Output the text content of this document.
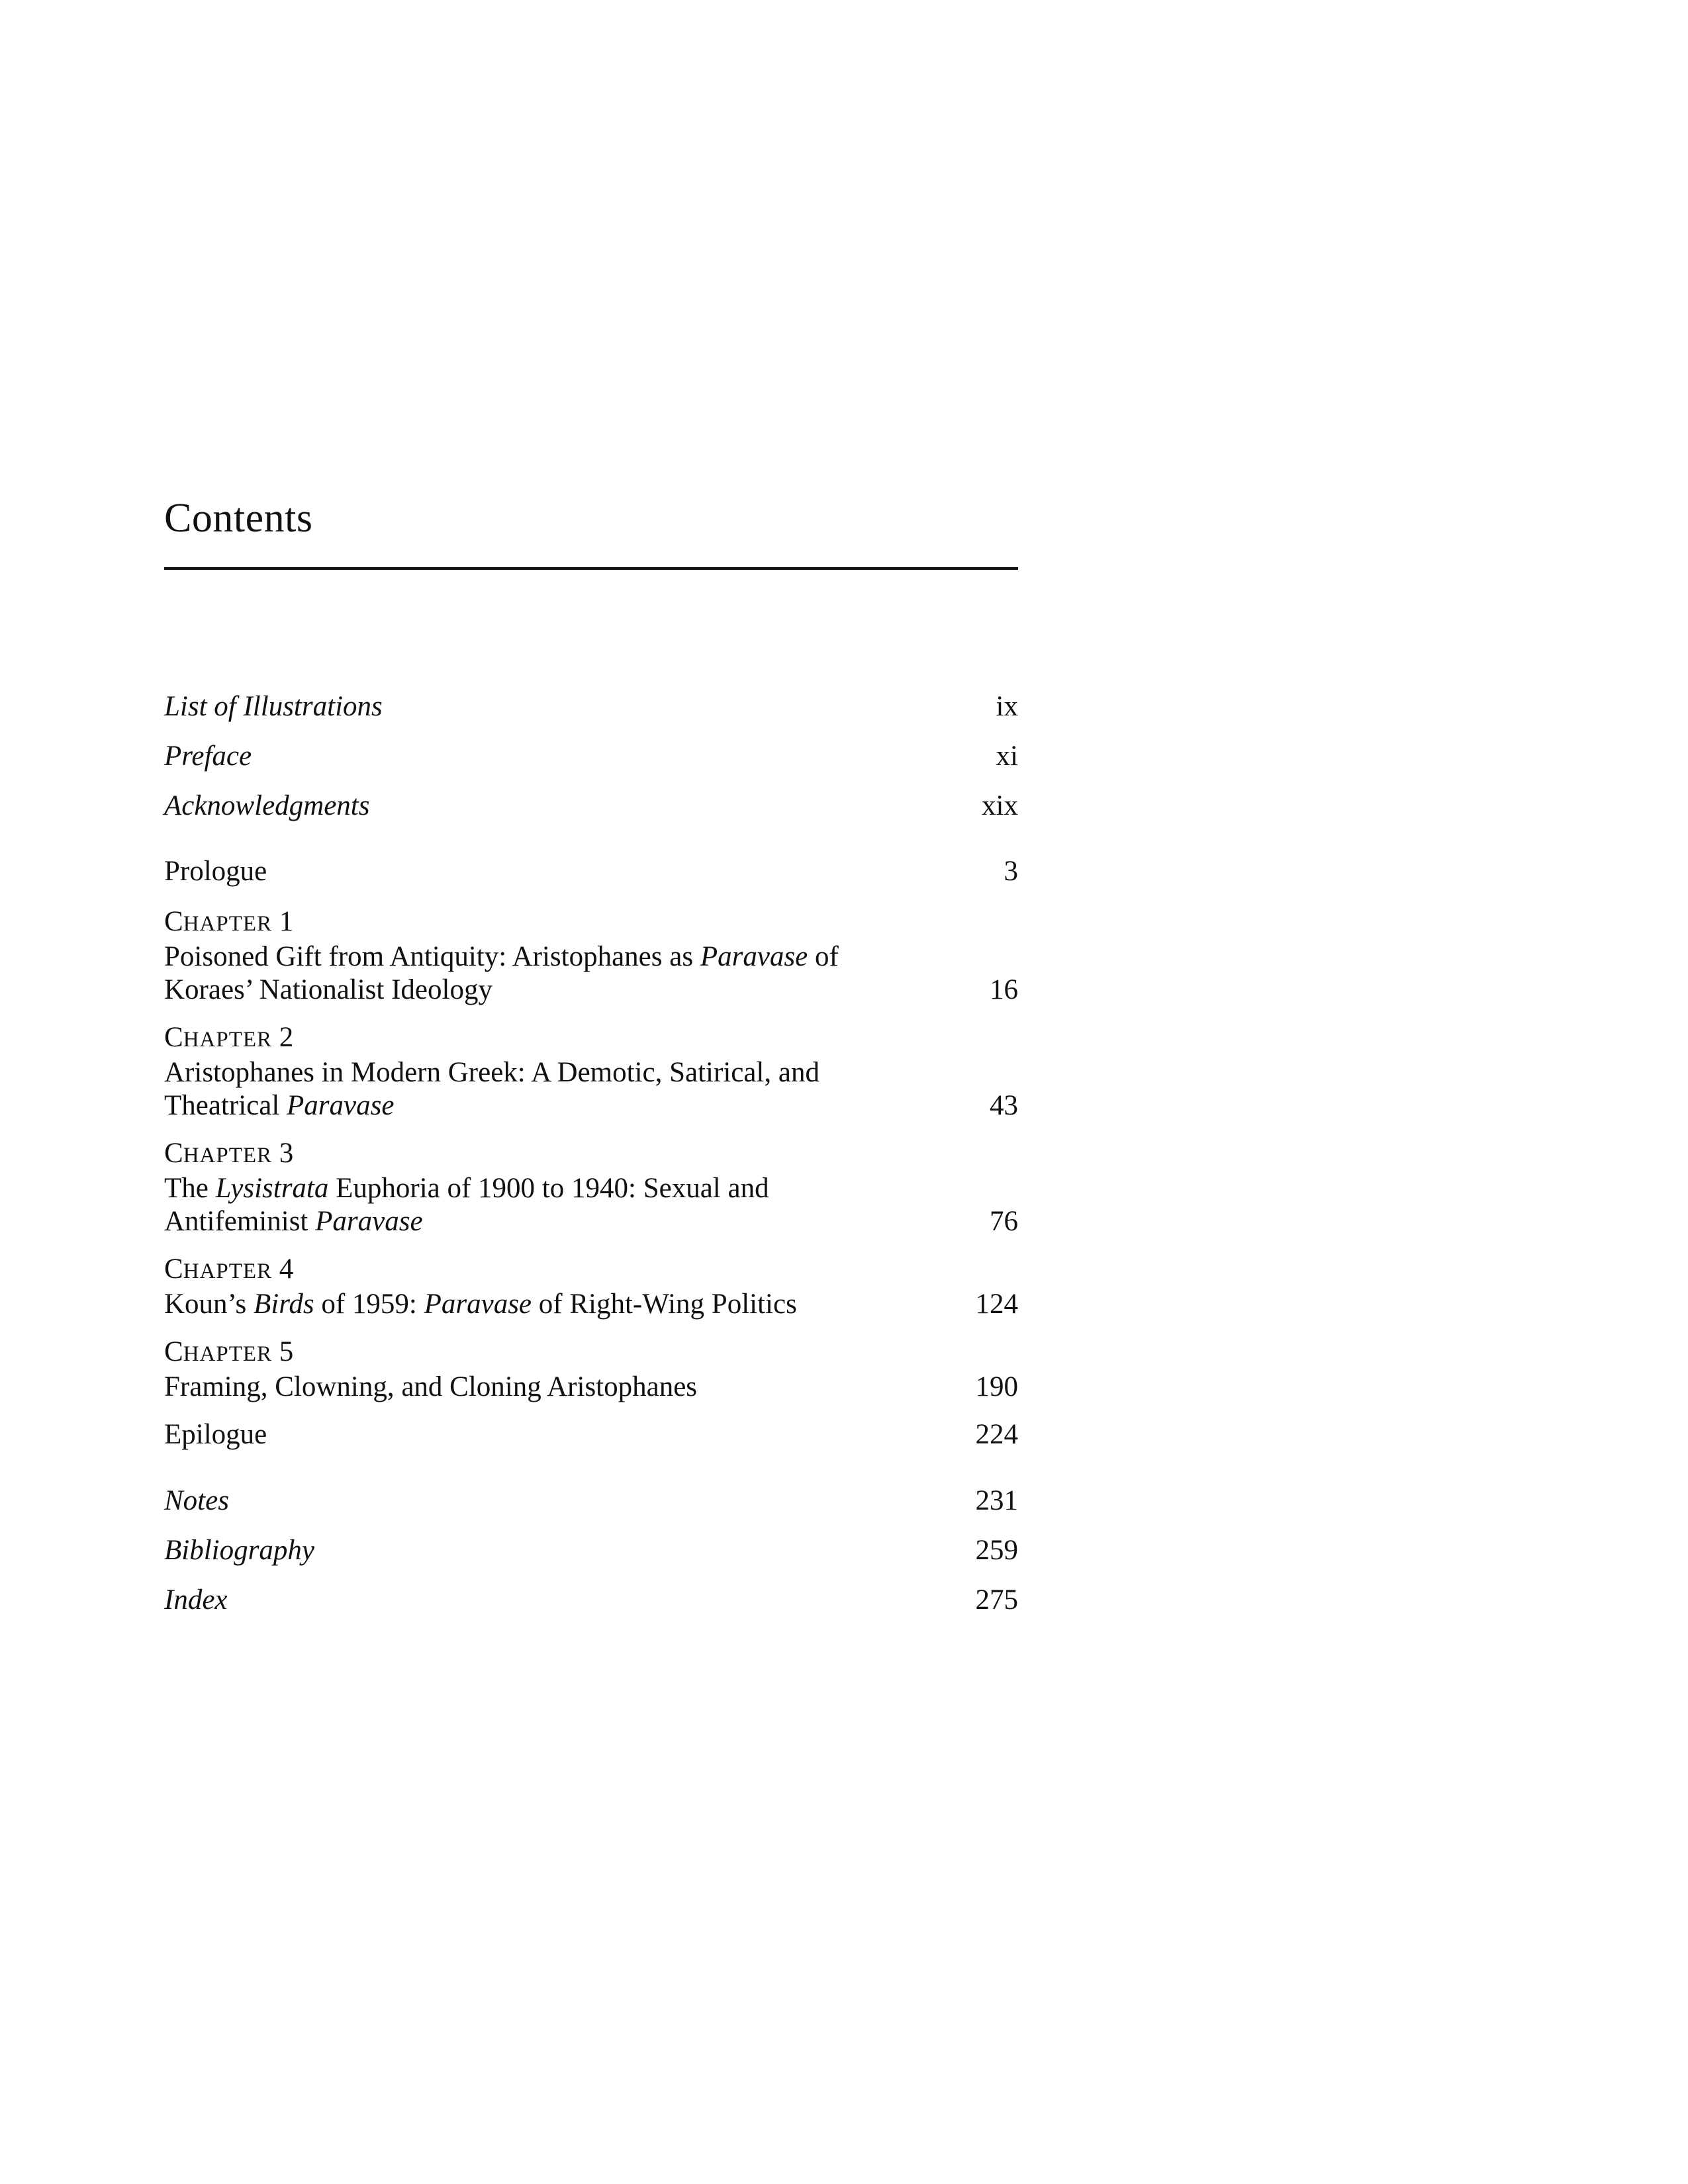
Contents
List of Illustrations	ix
Preface	xi
Acknowledgments	xix
Prologue	3
CHAPTER 1
Poisoned Gift from Antiquity: Aristophanes as Paravase of Koraes’ Nationalist Ideology	16
CHAPTER 2
Aristophanes in Modern Greek: A Demotic, Satirical, and Theatrical Paravase	43
CHAPTER 3
The Lysistrata Euphoria of 1900 to 1940: Sexual and Antifeminist Paravase	76
CHAPTER 4
Koun’s Birds of 1959: Paravase of Right-Wing Politics	124
CHAPTER 5
Framing, Clowning, and Cloning Aristophanes	190
Epilogue	224
Notes	231
Bibliography	259
Index	275
